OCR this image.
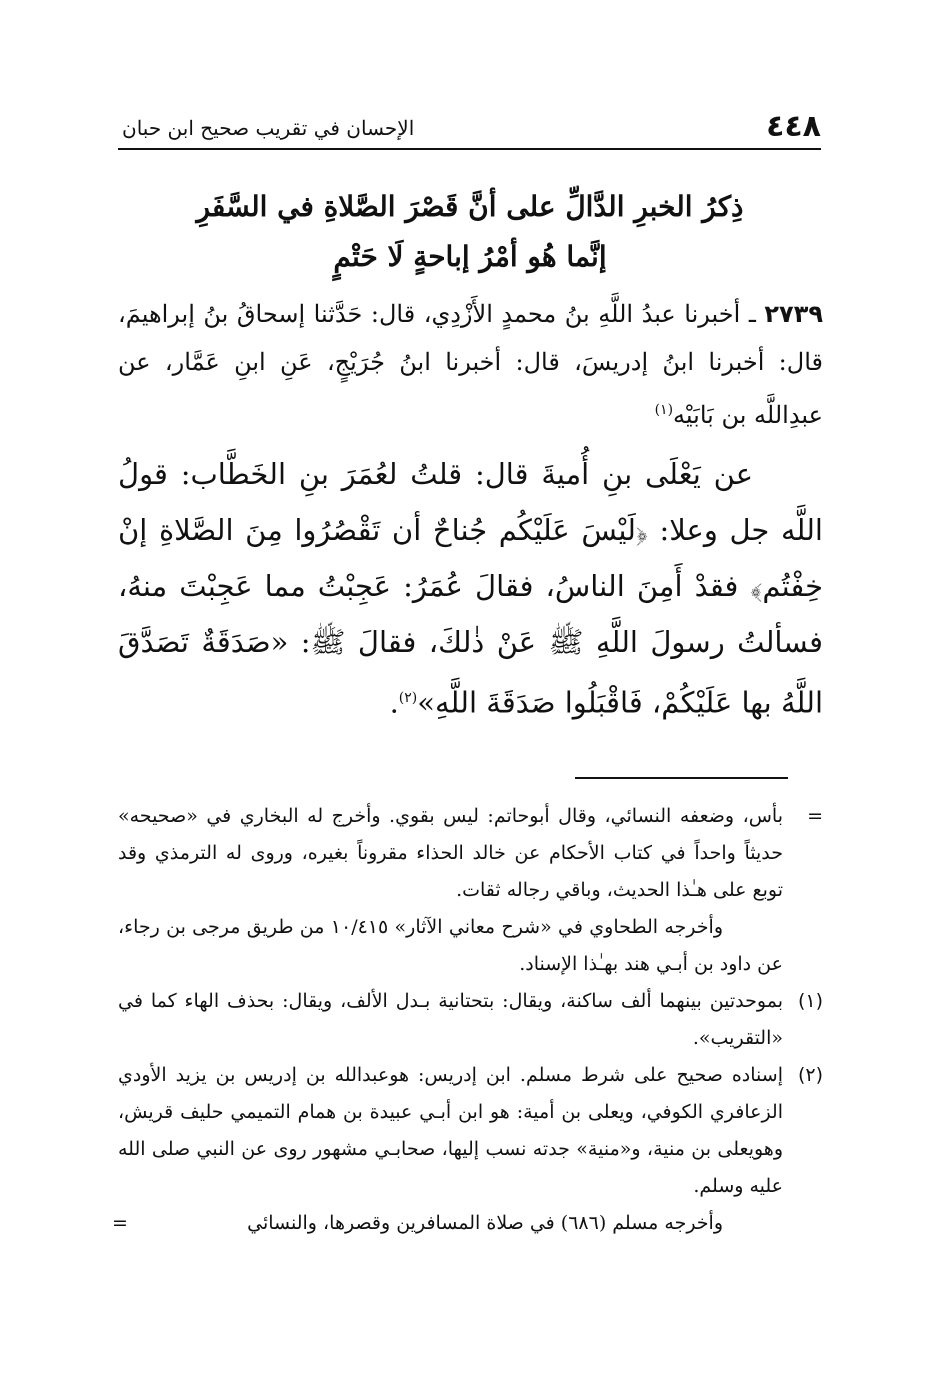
٤٤٨
الإحسان في تقريب صحيح ابن حبان
ذِكرُ الخبرِ الدَّالِّ على أنَّ قَصْرَ الصَّلاةِ في السَّفَرِ
إنَّما هُو أمْرُ إباحةٍ لَا حَتْمٍ
٢٧٣٩ ـ أخبرنا عبدُ اللَّهِ بنُ محمدٍ الأَزْدِي، قال: حَدَّثنا إسحاقُ بنُ إبراهيمَ، قال: أخبرنا ابنُ إدريسَ، قال: أخبرنا ابنُ جُرَيْجٍ، عَنِ ابنِ عَمَّار، عن عبدِاللَّه بن بَابَيْه$^{(١)}$

عن يَعْلَى بنِ أُميةَ قال: قلتُ لعُمَرَ بنِ الخَطَّاب: قولُ اللَّه جل وعلا: ﴿لَيْسَ عَلَيْكُم جُناحٌ أن تَقْصُرُوا مِنَ الصَّلاةِ إنْ خِفْتُم﴾ فقدْ أَمِنَ الناسُ، فقالَ عُمَرُ: عَجِبْتُ مما عَجِبْتَ منهُ، فسألتُ رسولَ اللَّهِ ﷺ عَنْ ذٰلكَ، فقالَ ﷺ: «صَدَقَةٌ تَصَدَّقَ اللَّهُ بها عَلَيْكُمْ، فَاقْبَلُوا صَدَقَةَ اللَّهِ»$^{(٢)}$.

=
بأس، وضعفه النسائي، وقال أبوحاتم: ليس بقوي. وأخرج له البخاري في «صحيحه» حديثاً واحداً في كتاب الأحكام عن خالد الحذاء مقروناً بغيره، وروى له الترمذي وقد توبع على هـٰذا الحديث، وباقي رجاله ثقات.
وأخرجه الطحاوي في «شرح معاني الآثار» ١٠/٤١٥ من طريق مرجى بن رجاء، عن داود بن أبـي هند بهـٰذا الإسناد.
(١)
بموحدتين بينهما ألف ساكنة، ويقال: بتحتانية بـدل الألف، ويقال: بحذف الهاء كما في «التقريب».
(٢)
إسناده صحيح على شرط مسلم. ابن إدريس: هوعبدالله بن إدريس بن يزيد الأودي الزعافري الكوفي، ويعلى بن أمية: هو ابن أبـي عبيدة بن همام التميمي حليف قريش، وهويعلى بن منية، و«منية» جدته نسب إليها، صحابـي مشهور روى عن النبي صلى الله عليه وسلم.
وأخرجه مسلم (٦٨٦) في صلاة المسافرين وقصرها، والنسائي
=
